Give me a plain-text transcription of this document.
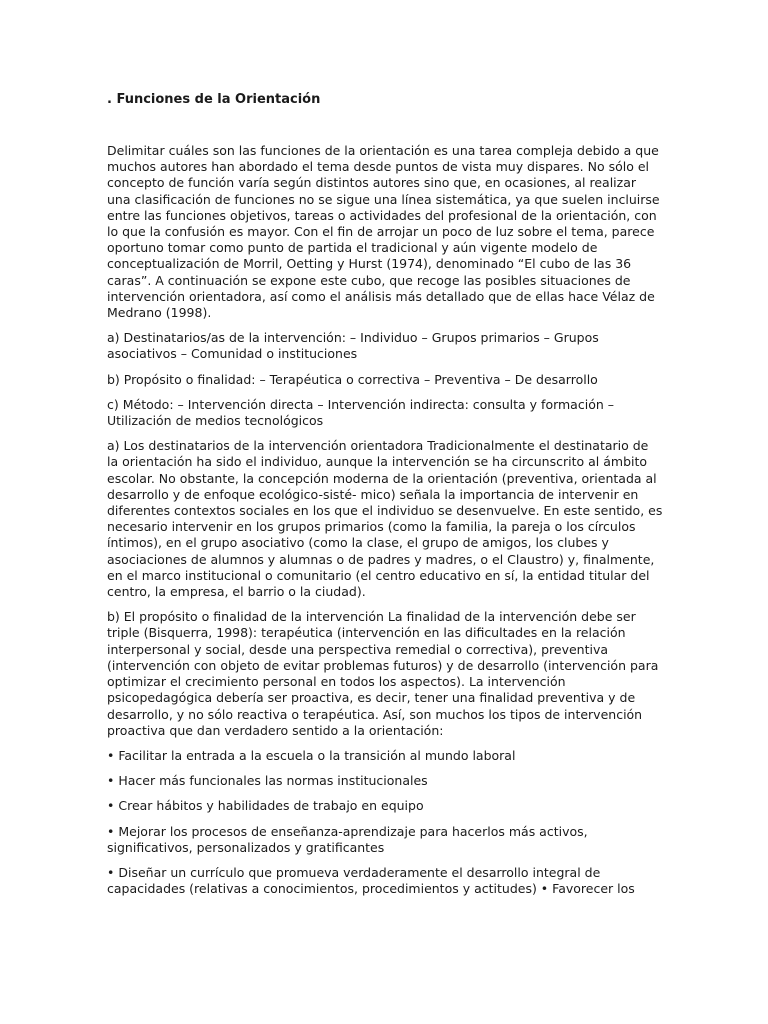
. Funciones de la Orientación

Delimitar cuáles son las funciones de la orientación es una tarea compleja debido a que muchos autores han abordado el tema desde puntos de vista muy dispares. No sólo el concepto de función varía según distintos autores sino que, en ocasiones, al realizar una clasificación de funciones no se sigue una línea sistemática, ya que suelen incluirse entre las funciones objetivos, tareas o actividades del profesional de la orientación, con lo que la confusión es mayor. Con el fin de arrojar un poco de luz sobre el tema, parece oportuno tomar como punto de partida el tradicional y aún vigente modelo de conceptualización de Morril, Oetting y Hurst (1974), denominado “El cubo de las 36 caras”. A continuación se expone este cubo, que recoge las posibles situaciones de intervención orientadora, así como el análisis más detallado que de ellas hace Vélaz de Medrano (1998).

a) Destinatarios/as de la intervención: – Individuo – Grupos primarios – Grupos asociativos – Comunidad o instituciones

b) Propósito o finalidad: – Terapéutica o correctiva – Preventiva – De desarrollo

c) Método: – Intervención directa – Intervención indirecta: consulta y formación – Utilización de medios tecnológicos

a) Los destinatarios de la intervención orientadora Tradicionalmente el destinatario de la orientación ha sido el individuo, aunque la intervención se ha circunscrito al ámbito escolar. No obstante, la concepción moderna de la orientación (preventiva, orientada al desarrollo y de enfoque ecológico-sisté- mico) señala la importancia de intervenir en diferentes contextos sociales en los que el individuo se desenvuelve. En este sentido, es necesario intervenir en los grupos primarios (como la familia, la pareja o los círculos íntimos), en el grupo asociativo (como la clase, el grupo de amigos, los clubes y asociaciones de alumnos y alumnas o de padres y madres, o el Claustro) y, finalmente, en el marco institucional o comunitario (el centro educativo en sí, la entidad titular del centro, la empresa, el barrio o la ciudad).

b) El propósito o finalidad de la intervención La finalidad de la intervención debe ser triple (Bisquerra, 1998): terapéutica (intervención en las dificultades en la relación interpersonal y social, desde una perspectiva remedial o correctiva), preventiva (intervención con objeto de evitar problemas futuros) y de desarrollo (intervención para optimizar el crecimiento personal en todos los aspectos). La intervención psicopedagógica debería ser proactiva, es decir, tener una finalidad preventiva y de desarrollo, y no sólo reactiva o terapéutica. Así, son muchos los tipos de intervención proactiva que dan verdadero sentido a la orientación:

• Facilitar la entrada a la escuela o la transición al mundo laboral

• Hacer más funcionales las normas institucionales

• Crear hábitos y habilidades de trabajo en equipo

• Mejorar los procesos de enseñanza-aprendizaje para hacerlos más activos, significativos, personalizados y gratificantes

• Diseñar un currículo que promueva verdaderamente el desarrollo integral de capacidades (relativas a conocimientos, procedimientos y actitudes) • Favorecer los
